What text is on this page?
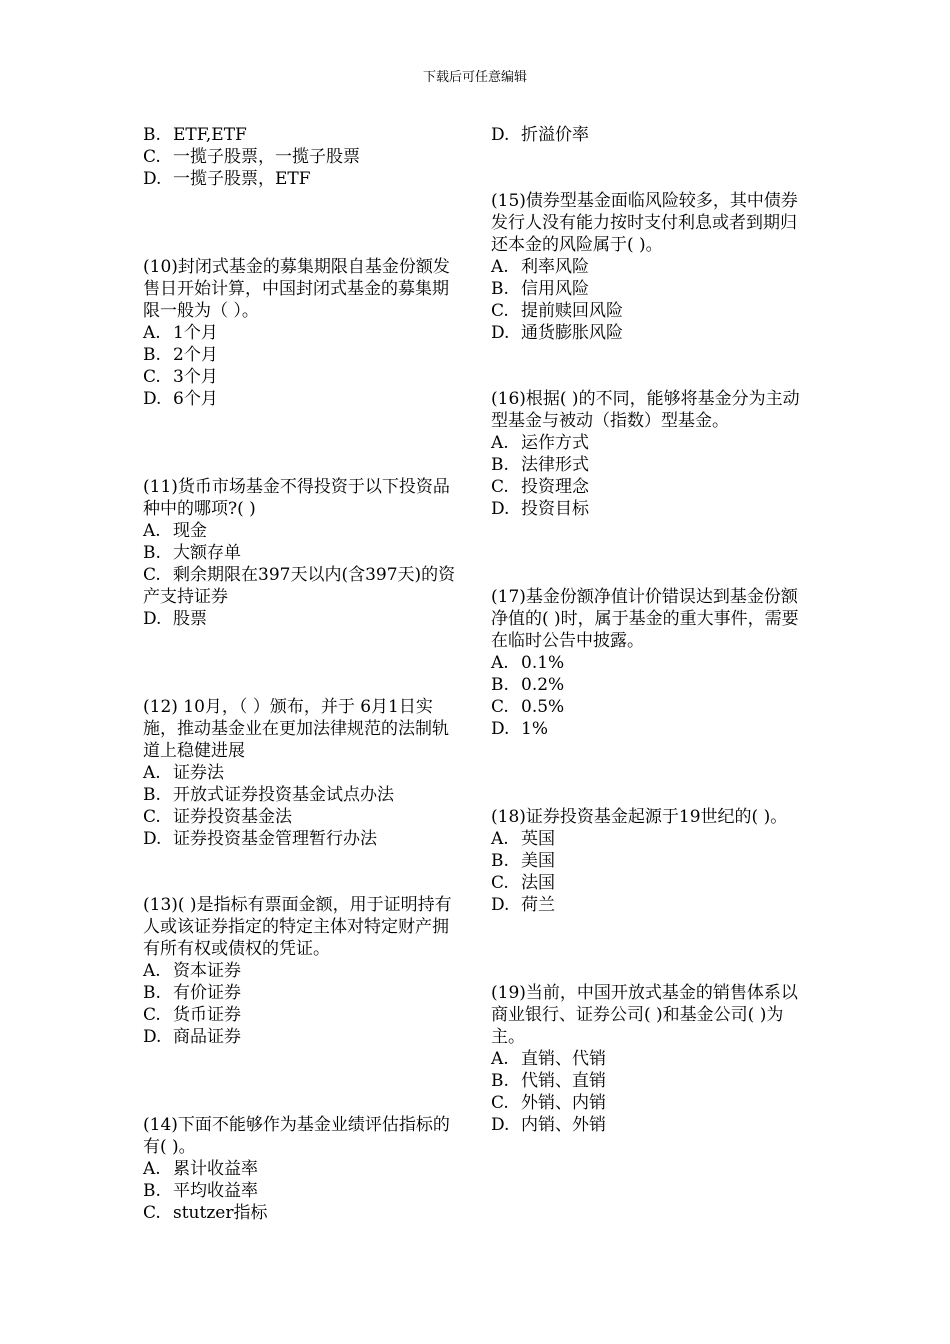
下载后可任意编辑
B. ETF,ETF
C. 一揽子股票，一揽子股票
D. 一揽子股票，ETF
(10)封闭式基金的募集期限自基金份额发售日开始计算，中国封闭式基金的募集期限一般为（ ）。
A. 1个月
B. 2个月
C. 3个月
D. 6个月
(11)货币市场基金不得投资于以下投资品种中的哪项?( )
A. 现金
B. 大额存单
C. 剩余期限在397天以内(含397天)的资产支持证券
D. 股票
(12) 10月，（ ）颁布，并于 6月1日实施，推动基金业在更加法律规范的法制轨道上稳健进展
A. 证券法
B. 开放式证券投资基金试点办法
C. 证券投资基金法
D. 证券投资基金管理暂行办法
(13)( )是指标有票面金额，用于证明持有人或该证券指定的特定主体对特定财产拥有所有权或债权的凭证。
A. 资本证券
B. 有价证券
C. 货币证券
D. 商品证券
(14)下面不能够作为基金业绩评估指标的有( )。
A. 累计收益率
B. 平均收益率
C. stutzer指标
D. 折溢价率
(15)债券型基金面临风险较多，其中债券发行人没有能力按时支付利息或者到期归还本金的风险属于( )。
A. 利率风险
B. 信用风险
C. 提前赎回风险
D. 通货膨胀风险
(16)根据( )的不同，能够将基金分为主动型基金与被动（指数）型基金。
A. 运作方式
B. 法律形式
C. 投资理念
D. 投资目标
(17)基金份额净值计价错误达到基金份额净值的( )时，属于基金的重大事件，需要在临时公告中披露。
A. 0.1%
B. 0.2%
C. 0.5%
D. 1%
(18)证券投资基金起源于19世纪的( )。
A. 英国
B. 美国
C. 法国
D. 荷兰
(19)当前，中国开放式基金的销售体系以商业银行、证券公司( )和基金公司( )为主。
A. 直销、代销
B. 代销、直销
C. 外销、内销
D. 内销、外销
